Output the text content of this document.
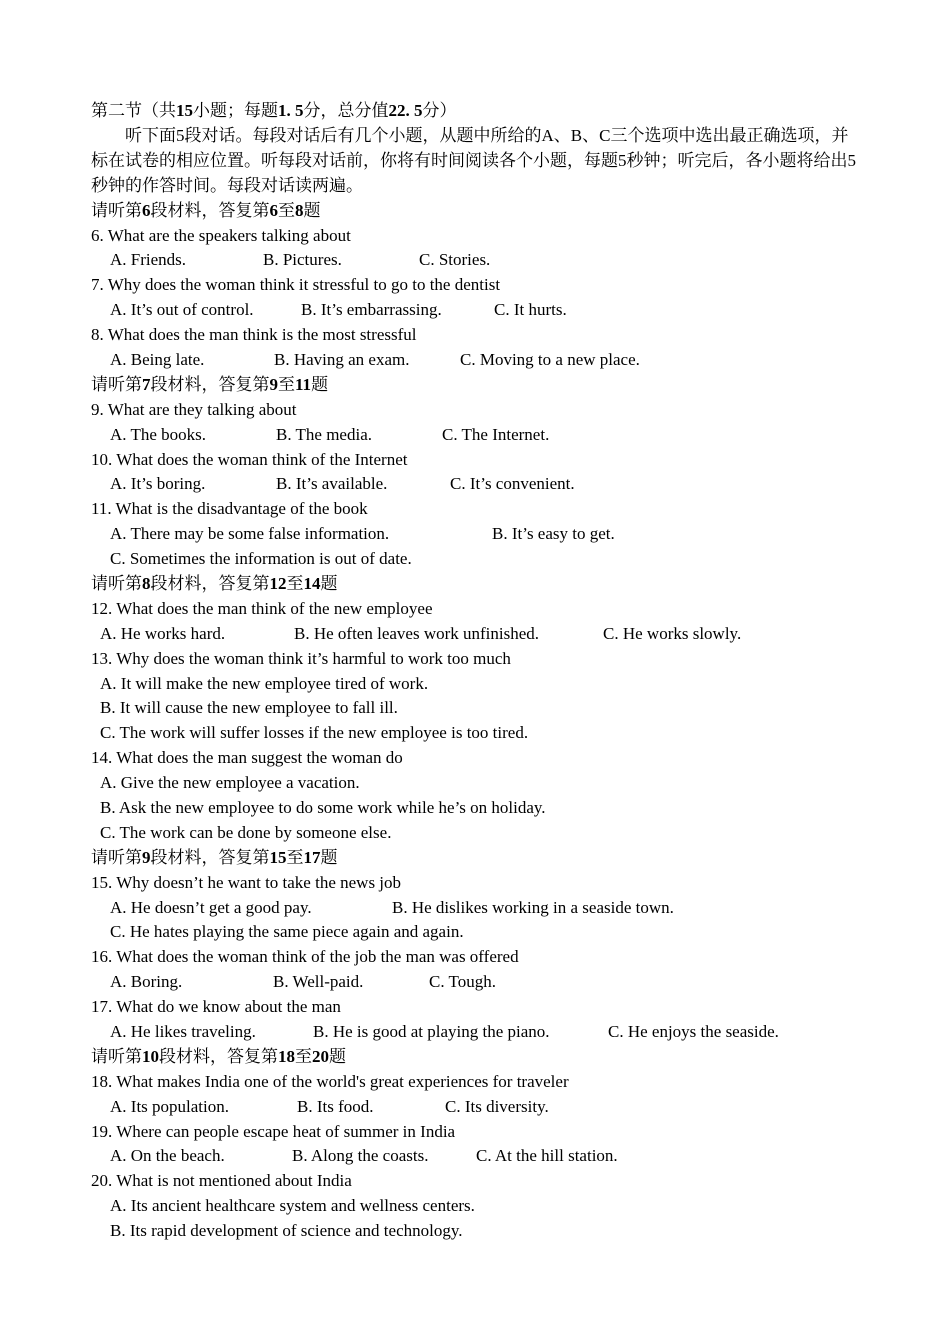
第二节（共15小题；每题1. 5分，总分值22. 5分）
听下面5段对话。每段对话后有几个小题，从题中所给的A、B、C三个选项中选出最正确选项，并标在试卷的相应位置。听每段对话前，你将有时间阅读各个小题，每题5秒钟；听完后，各小题将给出5秒钟的作答时间。每段对话读两遍。
请听第6段材料，答复第6至8题
6. What are the speakers talking about
A. Friends.	B. Pictures.	C. Stories.
7. Why does the woman think it stressful to go to the dentist
A. It’s out of control.	B. It’s embarrassing.	C. It hurts.
8. What does the man think is the most stressful
A. Being late.	B. Having an exam.	C. Moving to a new place.
请听第7段材料，答复第9至11题
9. What are they talking about
A. The books.	B. The media.	C. The Internet.
10. What does the woman think of the Internet
A. It’s boring.	B. It’s available.	C. It’s convenient.
11. What is the disadvantage of the book
A. There may be some false information.	B. It’s easy to get.
C. Sometimes the information is out of date.
请听第8段材料，答复第12至14题
12. What does the man think of the new employee
A. He works hard.	B. He often leaves work unfinished.	C. He works slowly.
13. Why does the woman think it’s harmful to work too much
A. It will make the new employee tired of work.
B. It will cause the new employee to fall ill.
C. The work will suffer losses if the new employee is too tired.
14. What does the man suggest the woman do
A. Give the new employee a vacation.
B. Ask the new employee to do some work while he’s on holiday.
C. The work can be done by someone else.
请听第9段材料，答复第15至17题
15. Why doesn’t he want to take the news job
A. He doesn’t get a good pay.	B. He dislikes working in a seaside town.
C. He hates playing the same piece again and again.
16. What does the woman think of the job the man was offered
A. Boring.	B. Well-paid.	C. Tough.
17. What do we know about the man
A. He likes traveling.	B. He is good at playing the piano.	C. He enjoys the seaside.
请听第10段材料，答复第18至20题
18. What makes India one of the world's great experiences for traveler
A. Its population.	B. Its food.	C. Its diversity.
19. Where can people escape heat of summer in India
A. On the beach.	B. Along the coasts.	C. At the hill station.
20. What is not mentioned about India
A. Its ancient healthcare system and wellness centers.
B. Its rapid development of science and technology.
